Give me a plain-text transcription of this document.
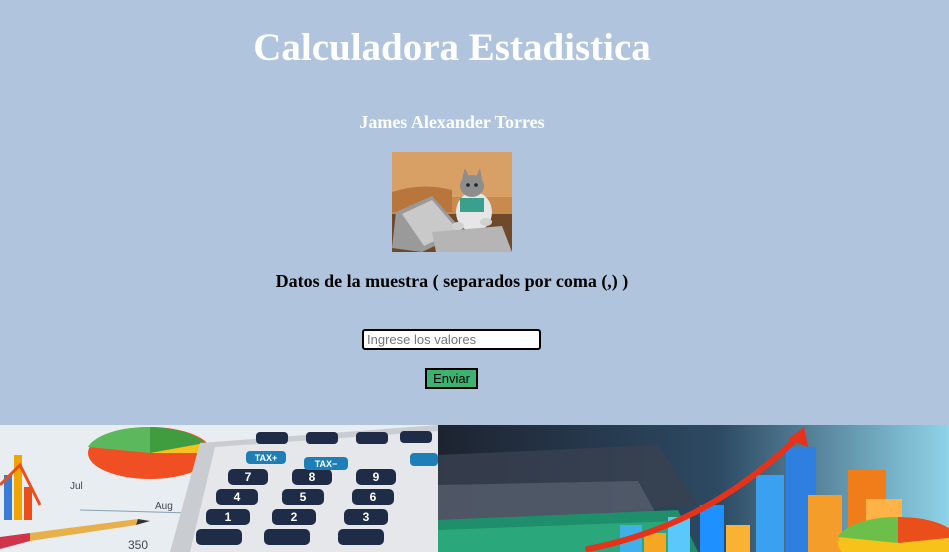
Calculadora Estadistica
James Alexander Torres
Datos de la muestra ( separados por coma (,) )
Ingrese los valores
Enviar
Jul
Aug
350
TAX+
TAX−
7	8	9
4	5	6
1	2	3
